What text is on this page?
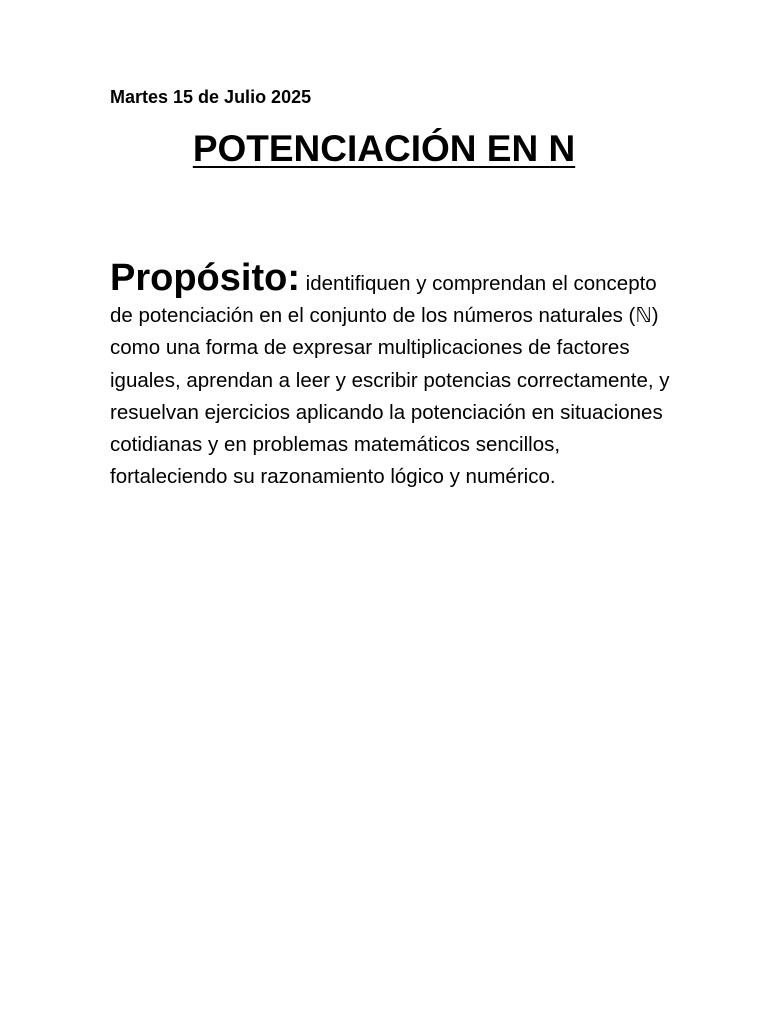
Martes 15 de Julio 2025
POTENCIACIÓN EN N

Propósito: identifiquen y comprendan el concepto de potenciación en el conjunto de los números naturales (ℕ) como una forma de expresar multiplicaciones de factores iguales, aprendan a leer y escribir potencias correctamente, y resuelvan ejercicios aplicando la potenciación en situaciones cotidianas y en problemas matemáticos sencillos, fortaleciendo su razonamiento lógico y numérico.
